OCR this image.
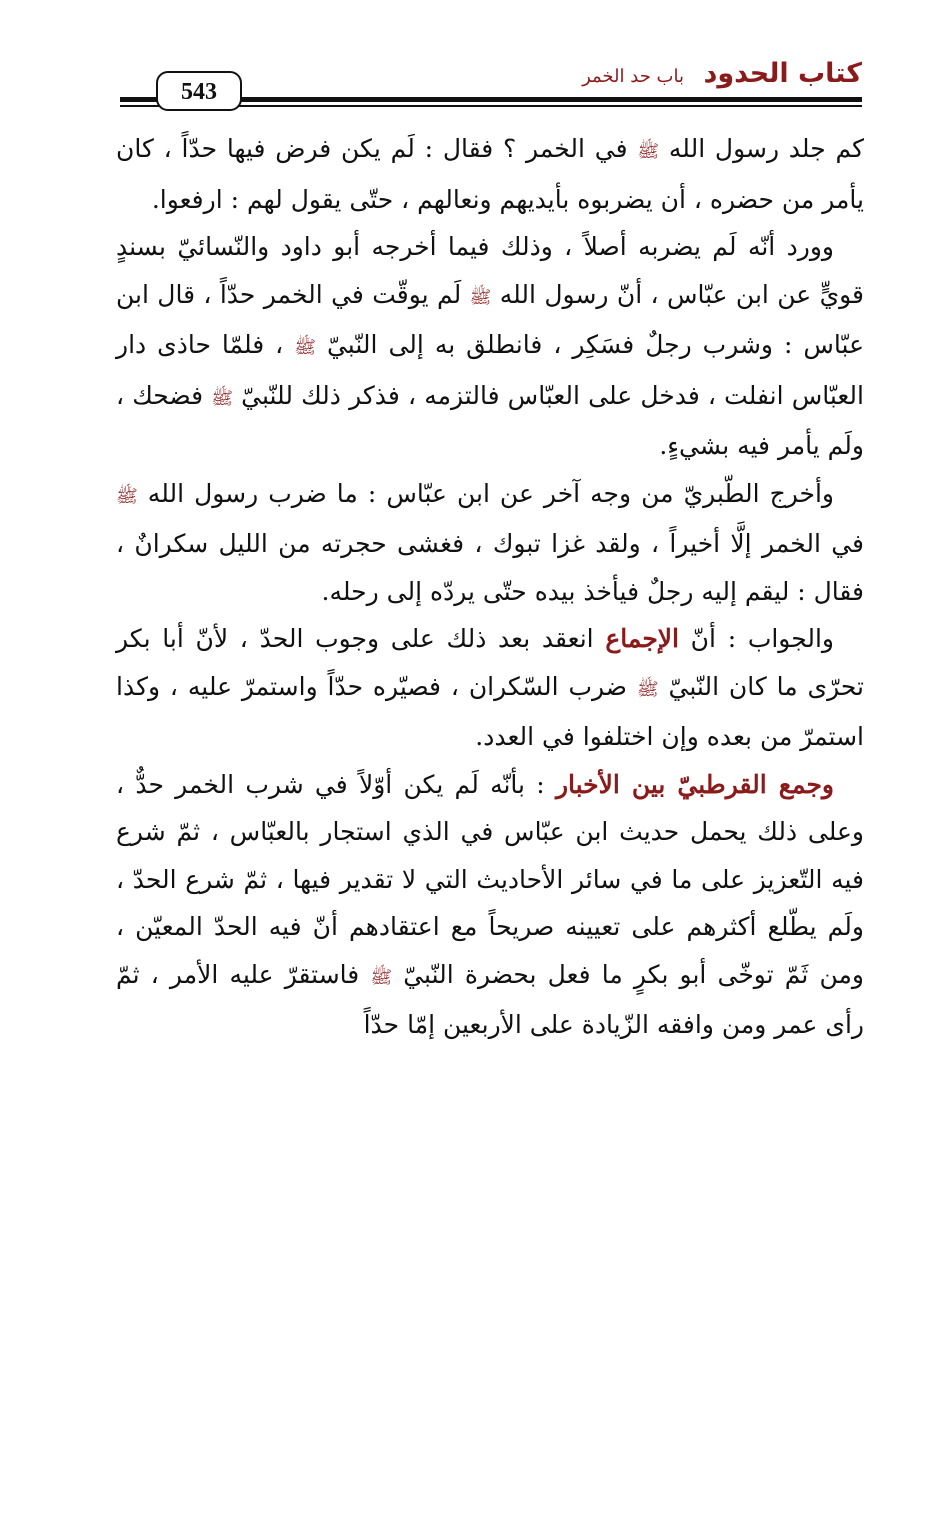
كتاب الحدود
باب حد الخمر
543

كم جلد رسول الله ﷺ في الخمر ؟ فقال : لَم يكن فرض فيها حدّاً ، كان يأمر من حضره ، أن يضربوه بأيديهم ونعالهم ، حتّى يقول لهم : ارفعوا.

وورد أنّه لَم يضربه أصلاً ، وذلك فيما أخرجه أبو داود والنّسائيّ بسندٍ قويٍّ عن ابن عبّاس ، أنّ رسول الله ﷺ لَم يوقّت في الخمر حدّاً ، قال ابن عبّاس : وشرب رجلٌ فسَكِر ، فانطلق به إلى النّبيّ ﷺ ، فلمّا حاذى دار العبّاس انفلت ، فدخل على العبّاس فالتزمه ، فذكر ذلك للنّبيّ ﷺ فضحك ، ولَم يأمر فيه بشيءٍ.

وأخرج الطّبريّ من وجه آخر عن ابن عبّاس : ما ضرب رسول الله ﷺ في الخمر إلَّا أخيراً ، ولقد غزا تبوك ، فغشى حجرته من الليل سكرانٌ ، فقال : ليقم إليه رجلٌ فيأخذ بيده حتّى يردّه إلى رحله.

والجواب : أنّ الإجماع انعقد بعد ذلك على وجوب الحدّ ، لأنّ أبا بكر تحرّى ما كان النّبيّ ﷺ ضرب السّكران ، فصيّره حدّاً واستمرّ عليه ، وكذا استمرّ من بعده وإن اختلفوا في العدد.

وجمع القرطبيّ بين الأخبار : بأنّه لَم يكن أوّلاً في شرب الخمر حدٌّ ، وعلى ذلك يحمل حديث ابن عبّاس في الذي استجار بالعبّاس ، ثمّ شرع فيه التّعزيز على ما في سائر الأحاديث التي لا تقدير فيها ، ثمّ شرع الحدّ ، ولَم يطّلع أكثرهم على تعيينه صريحاً مع اعتقادهم أنّ فيه الحدّ المعيّن ، ومن ثَمّ توخّى أبو بكرٍ ما فعل بحضرة النّبيّ ﷺ فاستقرّ عليه الأمر ، ثمّ رأى عمر ومن وافقه الزّيادة على الأربعين إمّا حدّاً
